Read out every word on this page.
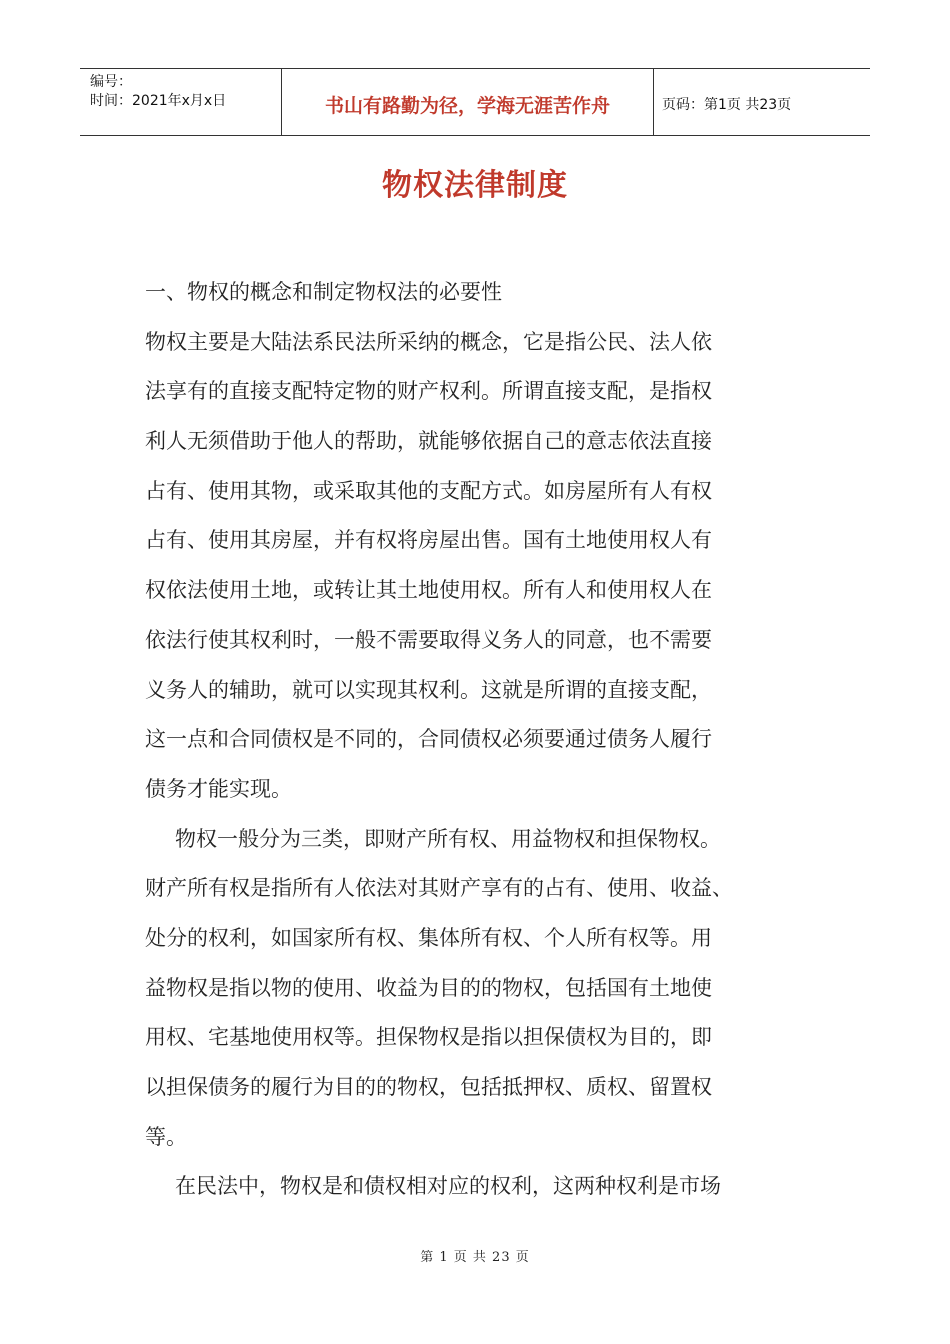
编号：
时间：2021年x月x日	书山有路勤为径，学海无涯苦作舟	页码：第1页 共23页
物权法律制度
一、物权的概念和制定物权法的必要性
物权主要是大陆法系民法所采纳的概念，它是指公民、法人依
法享有的直接支配特定物的财产权利。所谓直接支配，是指权
利人无须借助于他人的帮助，就能够依据自己的意志依法直接
占有、使用其物，或采取其他的支配方式。如房屋所有人有权
占有、使用其房屋，并有权将房屋出售。国有土地使用权人有
权依法使用土地，或转让其土地使用权。所有人和使用权人在
依法行使其权利时，一般不需要取得义务人的同意，也不需要
义务人的辅助，就可以实现其权利。这就是所谓的直接支配，
这一点和合同债权是不同的，合同债权必须要通过债务人履行
债务才能实现。
物权一般分为三类，即财产所有权、用益物权和担保物权。
财产所有权是指所有人依法对其财产享有的占有、使用、收益、
处分的权利，如国家所有权、集体所有权、个人所有权等。用
益物权是指以物的使用、收益为目的的物权，包括国有土地使
用权、宅基地使用权等。担保物权是指以担保债权为目的，即
以担保债务的履行为目的的物权，包括抵押权、质权、留置权
等。
在民法中，物权是和债权相对应的权利，这两种权利是市场
第 1 页 共 23 页
